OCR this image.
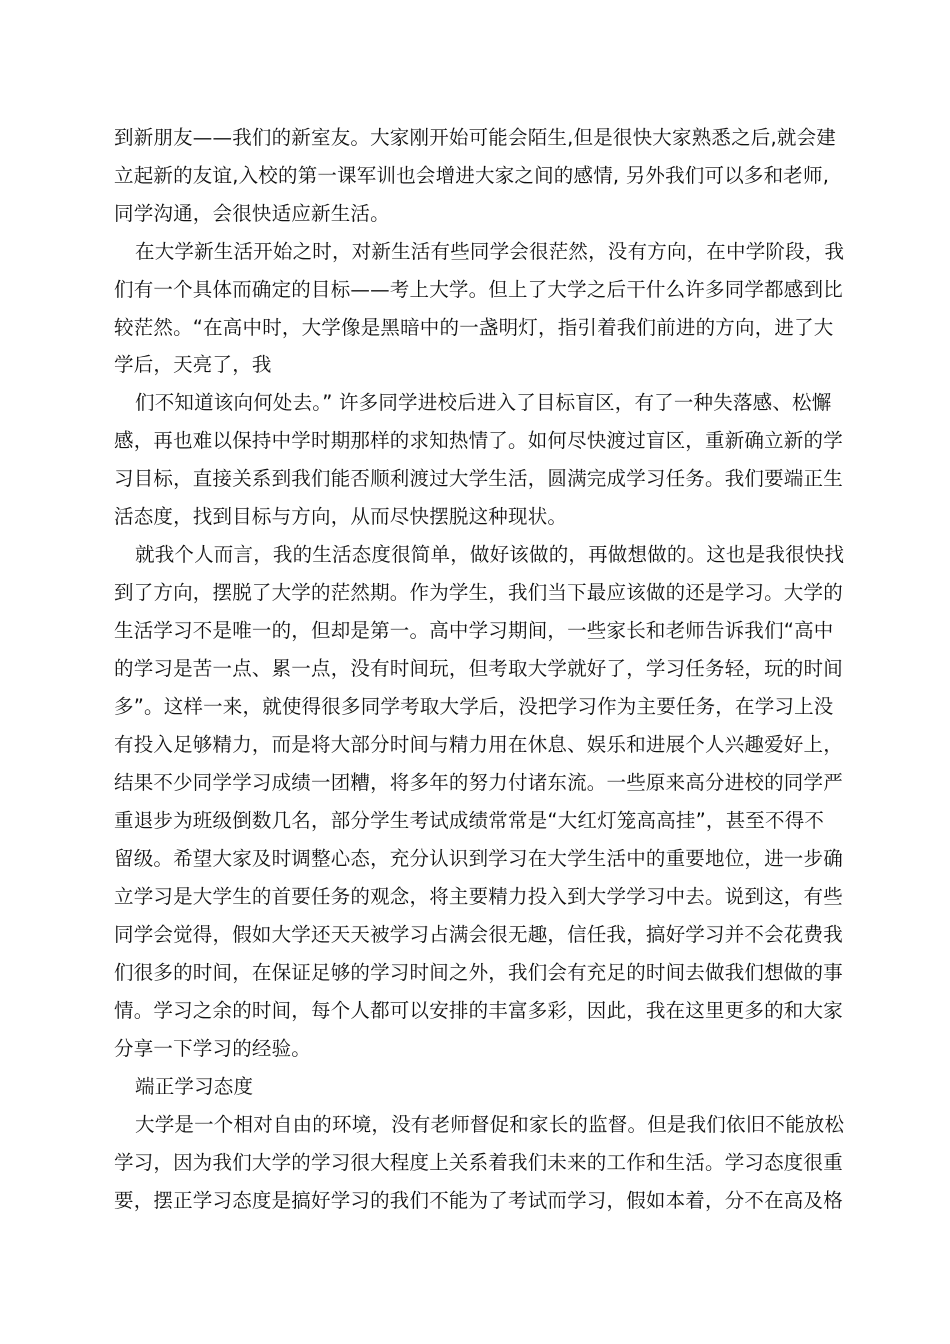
到新朋友——我们的新室友。大家刚开始可能会陌生,但是很快大家熟悉之后,就会建
立起新的友谊,入校的第一课军训也会增进大家之间的感情, 另外我们可以多和老师,
同学沟通，会很快适应新生活。
在大学新生活开始之时，对新生活有些同学会很茫然，没有方向，在中学阶段，我
们有一个具体而确定的目标——考上大学。但上了大学之后干什么许多同学都感到比
较茫然。“在高中时，大学像是黑暗中的一盏明灯，指引着我们前进的方向，进了大
学后，天亮了，我
们不知道该向何处去。” 许多同学进校后进入了目标盲区，有了一种失落感、松懈
感，再也难以保持中学时期那样的求知热情了。如何尽快渡过盲区，重新确立新的学
习目标，直接关系到我们能否顺利渡过大学生活，圆满完成学习任务。我们要端正生
活态度，找到目标与方向，从而尽快摆脱这种现状。
就我个人而言，我的生活态度很简单，做好该做的，再做想做的。这也是我很快找
到了方向，摆脱了大学的茫然期。作为学生，我们当下最应该做的还是学习。大学的
生活学习不是唯一的，但却是第一。高中学习期间，一些家长和老师告诉我们“高中
的学习是苦一点、累一点，没有时间玩，但考取大学就好了，学习任务轻，玩的时间
多”。这样一来，就使得很多同学考取大学后，没把学习作为主要任务，在学习上没
有投入足够精力，而是将大部分时间与精力用在休息、娱乐和进展个人兴趣爱好上，
结果不少同学学习成绩一团糟，将多年的努力付诸东流。一些原来高分进校的同学严
重退步为班级倒数几名，部分学生考试成绩常常是“大红灯笼高高挂”，甚至不得不
留级。希望大家及时调整心态，充分认识到学习在大学生活中的重要地位，进一步确
立学习是大学生的首要任务的观念，将主要精力投入到大学学习中去。说到这，有些
同学会觉得，假如大学还天天被学习占满会很无趣，信任我，搞好学习并不会花费我
们很多的时间，在保证足够的学习时间之外，我们会有充足的时间去做我们想做的事
情。学习之余的时间，每个人都可以安排的丰富多彩，因此，我在这里更多的和大家
分享一下学习的经验。
端正学习态度
大学是一个相对自由的环境，没有老师督促和家长的监督。但是我们依旧不能放松
学习，因为我们大学的学习很大程度上关系着我们未来的工作和生活。学习态度很重
要，摆正学习态度是搞好学习的我们不能为了考试而学习，假如本着，分不在高及格
